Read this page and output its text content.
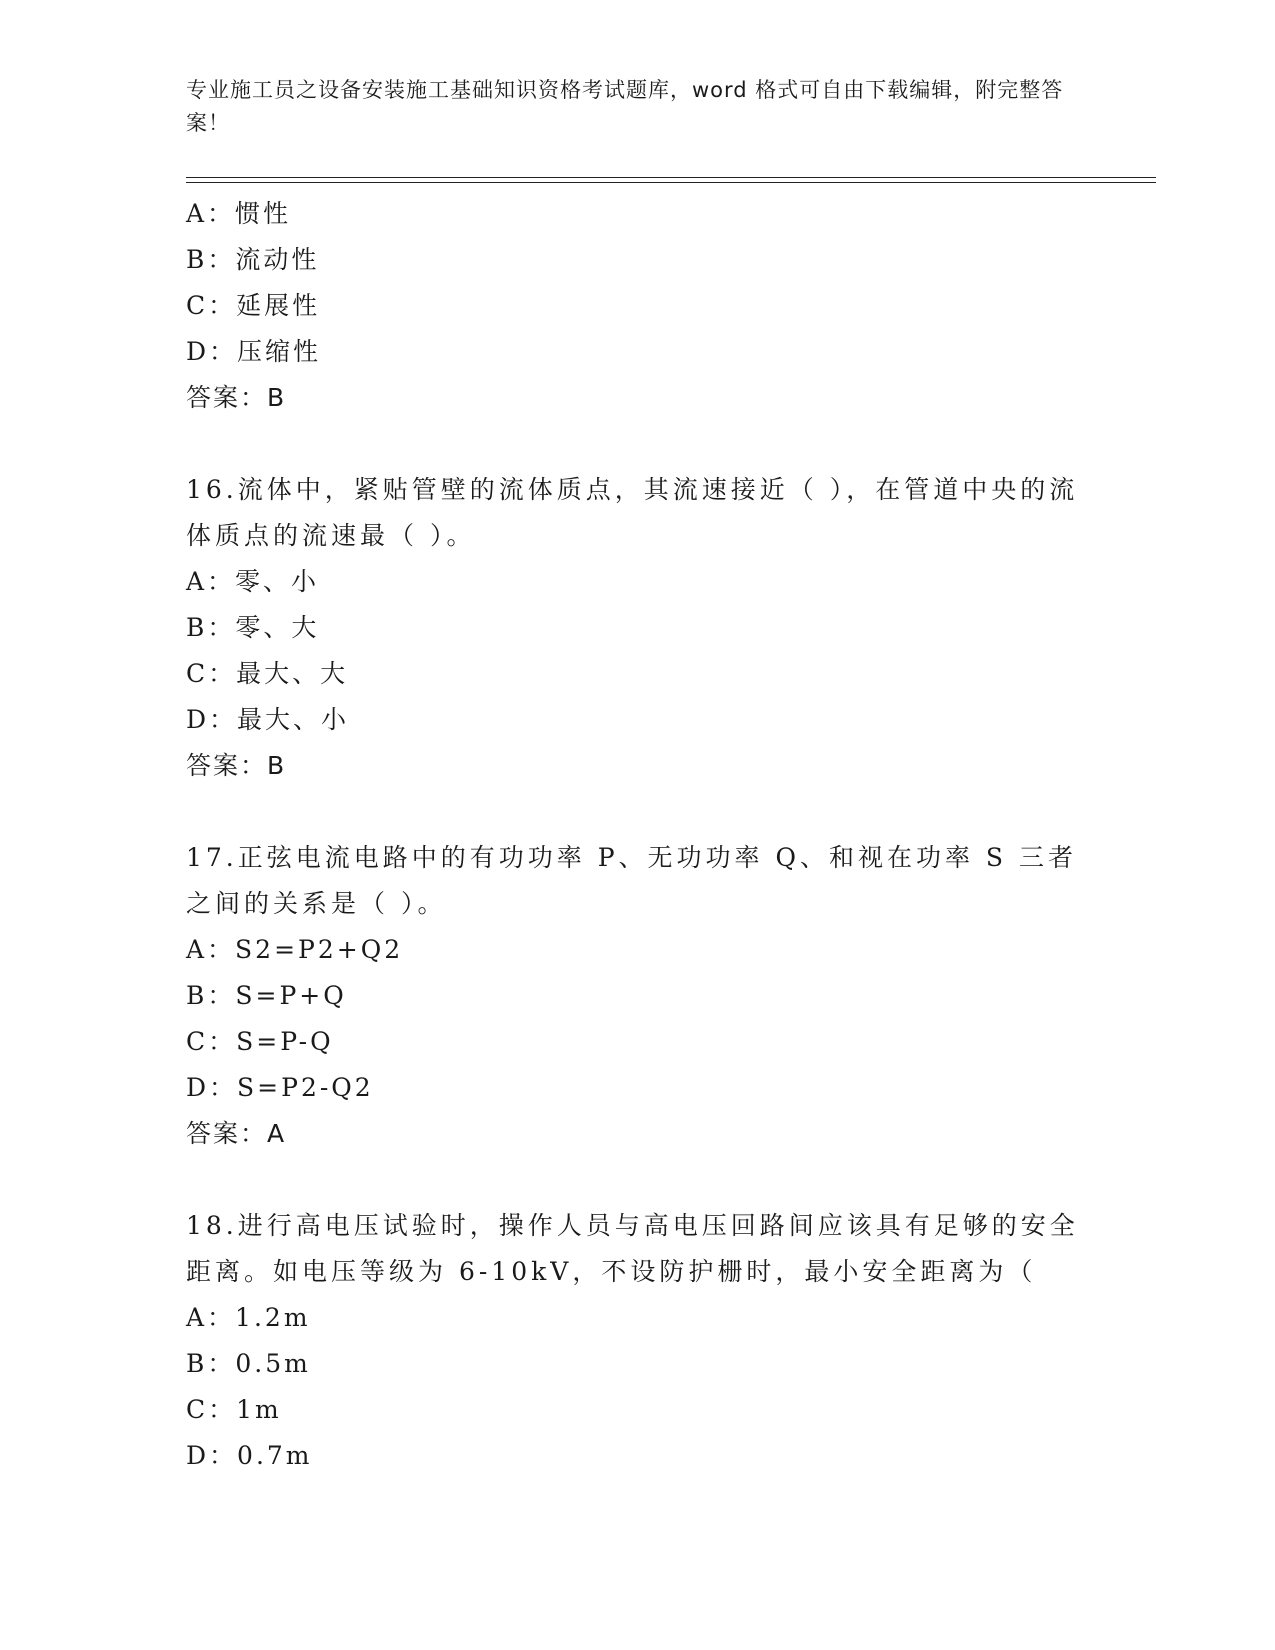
专业施工员之设备安装施工基础知识资格考试题库，word 格式可自由下载编辑，附完整答案！
A：惯性
B：流动性
C：延展性
D：压缩性
答案：B
16.流体中，紧贴管壁的流体质点，其流速接近（ ），在管道中央的流体质点的流速最（ ）。
A：零、小
B：零、大
C：最大、大
D：最大、小
答案：B
17.正弦电流电路中的有功功率 P、无功功率 Q、和视在功率 S 三者之间的关系是（ ）。
A：S2=P2+Q2
B：S=P+Q
C：S=P-Q
D：S=P2-Q2
答案：A
18.进行高电压试验时，操作人员与高电压回路间应该具有足够的安全距离。如电压等级为 6-10kV，不设防护栅时，最小安全距离为（
A：1.2m
B：0.5m
C：1m
D：0.7m
